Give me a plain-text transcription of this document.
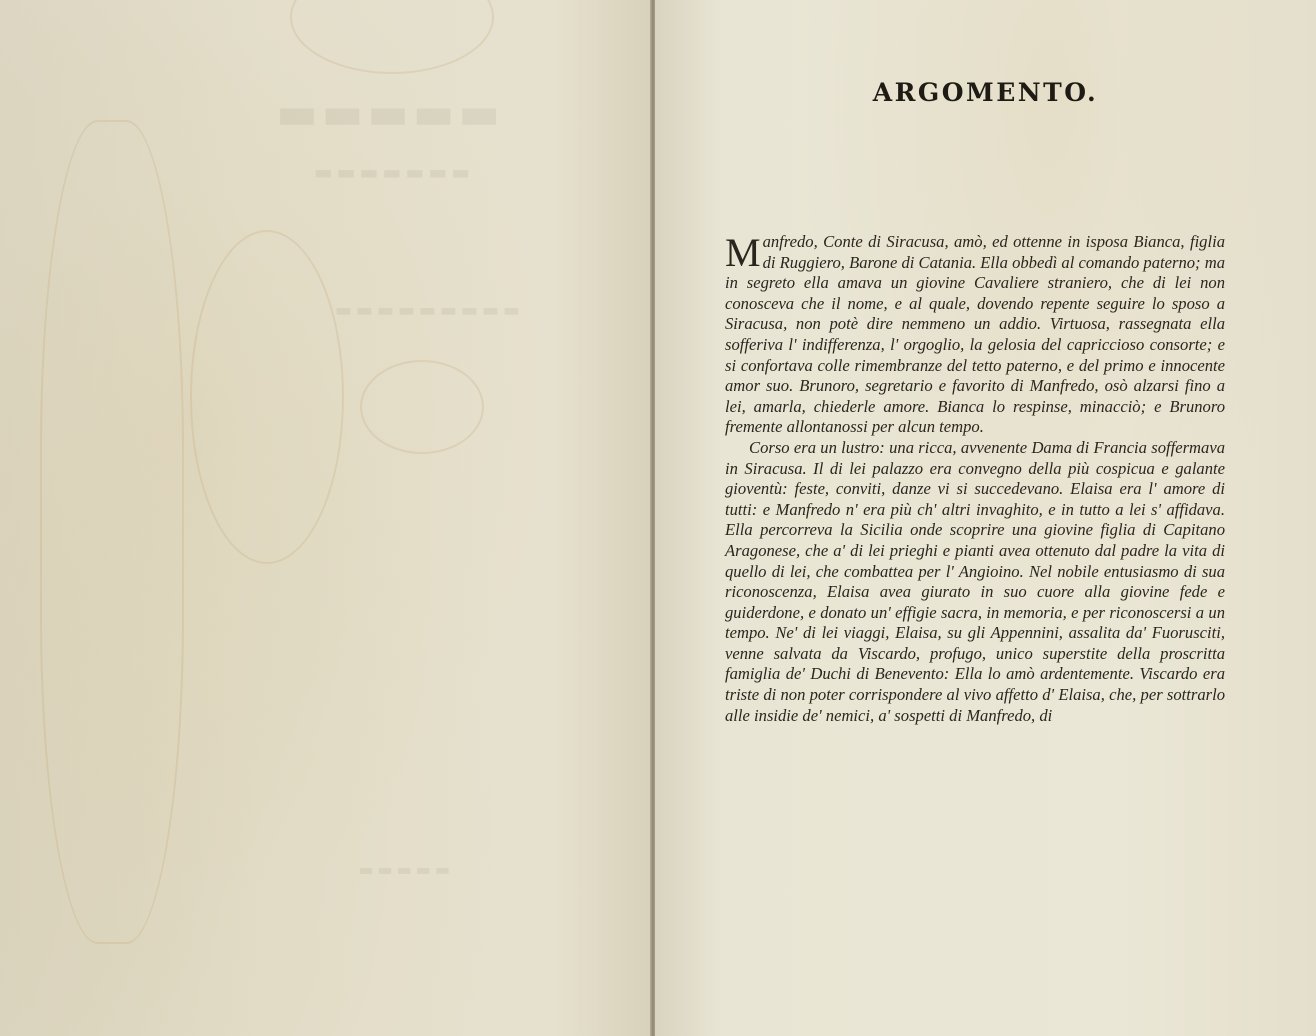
▬▬▬▬▬
▬▬▬▬▬▬▬
▬▬▬▬▬▬▬▬▬
▬▬▬▬▬
ARGOMENTO.

Manfredo, Conte di Siracusa, amò, ed ottenne in isposa Bianca, figlia di Ruggiero, Barone di Catania. Ella obbedì al comando paterno; ma in segreto ella amava un giovine Cavaliere straniero, che di lei non conosceva che il nome, e al quale, dovendo repente seguire lo sposo a Siracusa, non potè dire nemmeno un addio. Virtuosa, rassegnata ella sofferiva l' indifferenza, l' orgoglio, la gelosia del capriccioso consorte; e si confortava colle rimembranze del tetto paterno, e del primo e innocente amor suo. Brunoro, segretario e favorito di Manfredo, osò alzarsi fino a lei, amarla, chiederle amore. Bianca lo respinse, minacciò; e Brunoro fremente allontanossi per alcun tempo.

Corso era un lustro: una ricca, avvenente Dama di Francia soffermava in Siracusa. Il di lei palazzo era convegno della più cospicua e galante gioventù: feste, conviti, danze vi si succedevano. Elaisa era l' amore di tutti: e Manfredo n' era più ch' altri invaghito, e in tutto a lei s' affidava. Ella percorreva la Sicilia onde scoprire una giovine figlia di Capitano Aragonese, che a' di lei prieghi e pianti avea ottenuto dal padre la vita di quello di lei, che combattea per l' Angioino. Nel nobile entusiasmo di sua riconoscenza, Elaisa avea giurato in suo cuore alla giovine fede e guiderdone, e donato un' effigie sacra, in memoria, e per riconoscersi a un tempo. Ne' di lei viaggi, Elaisa, su gli Appennini, assalita da' Fuorusciti, venne salvata da Viscardo, profugo, unico superstite della proscritta famiglia de' Duchi di Benevento: Ella lo amò ardentemente. Viscardo era triste di non poter corrispondere al vivo affetto d' Elaisa, che, per sottrarlo alle insidie de' nemici, a' sospetti di Manfredo, di
